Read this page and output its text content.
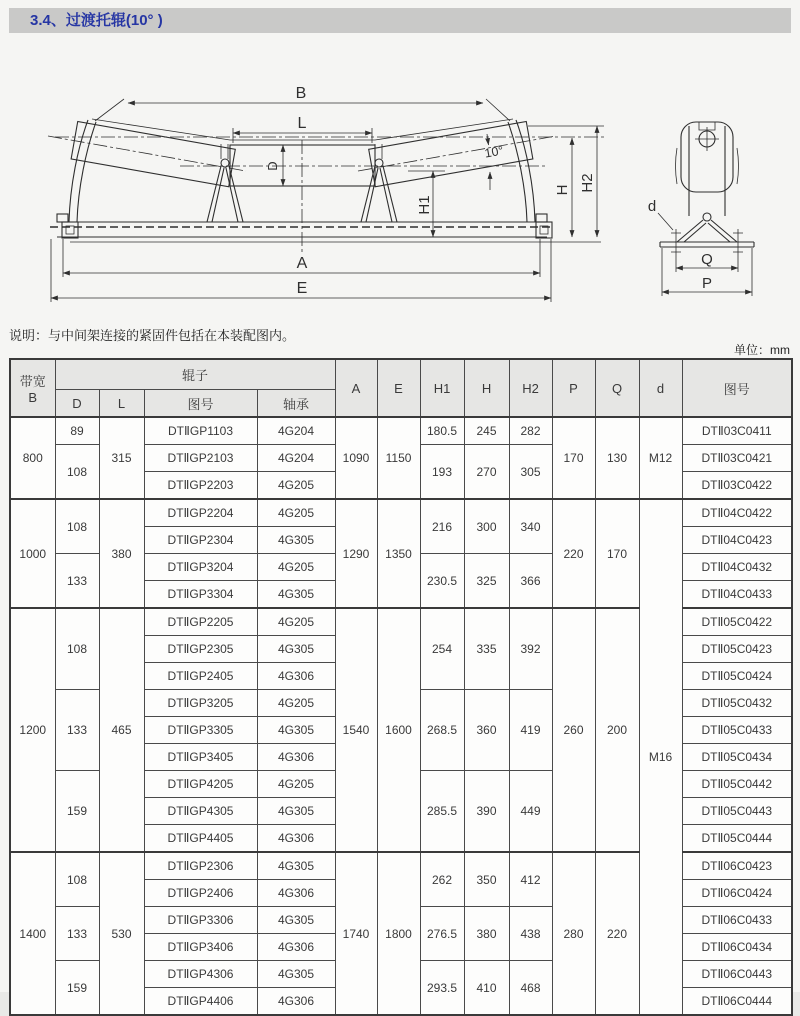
3.4、过渡托辊(10° )
B
L
D
10°
H1
H H2
A
E
d
Q
P
说明：与中间架连接的紧固件包括在本装配图内。
单位：mm
带宽
B	辊子				A	E	H1	H	H2	P	Q	d	图号
	D	L	图号	轴承									
800	89	315	DTⅡGP1103	4G204	1090	1150	180.5	245	282	170	130	M12	DTⅡ03C0411
	108		DTⅡGP2103	4G204			193	270	305				DTⅡ03C0421
			DTⅡGP2203	4G205									DTⅡ03C0422
1000	108	380	DTⅡGP2204	4G205	1290	1350	216	300	340	220	170	M16	DTⅡ04C0422
			DTⅡGP2304	4G305									DTⅡ04C0423
	133		DTⅡGP3204	4G205			230.5	325	366				DTⅡ04C0432
			DTⅡGP3304	4G305									DTⅡ04C0433
1200	108	465	DTⅡGP2205	4G205	1540	1600	254	335	392	260	200		DTⅡ05C0422
			DTⅡGP2305	4G305									DTⅡ05C0423
			DTⅡGP2405	4G306									DTⅡ05C0424
	133		DTⅡGP3205	4G205			268.5	360	419				DTⅡ05C0432
			DTⅡGP3305	4G305									DTⅡ05C0433
			DTⅡGP3405	4G306									DTⅡ05C0434
	159		DTⅡGP4205	4G205			285.5	390	449				DTⅡ05C0442
			DTⅡGP4305	4G305									DTⅡ05C0443
			DTⅡGP4405	4G306									DTⅡ05C0444
1400	108	530	DTⅡGP2306	4G305	1740	1800	262	350	412	280	220		DTⅡ06C0423
			DTⅡGP2406	4G306									DTⅡ06C0424
	133		DTⅡGP3306	4G305			276.5	380	438				DTⅡ06C0433
			DTⅡGP3406	4G306									DTⅡ06C0434
	159		DTⅡGP4306	4G305			293.5	410	468				DTⅡ06C0443
			DTⅡGP4406	4G306									DTⅡ06C0444
